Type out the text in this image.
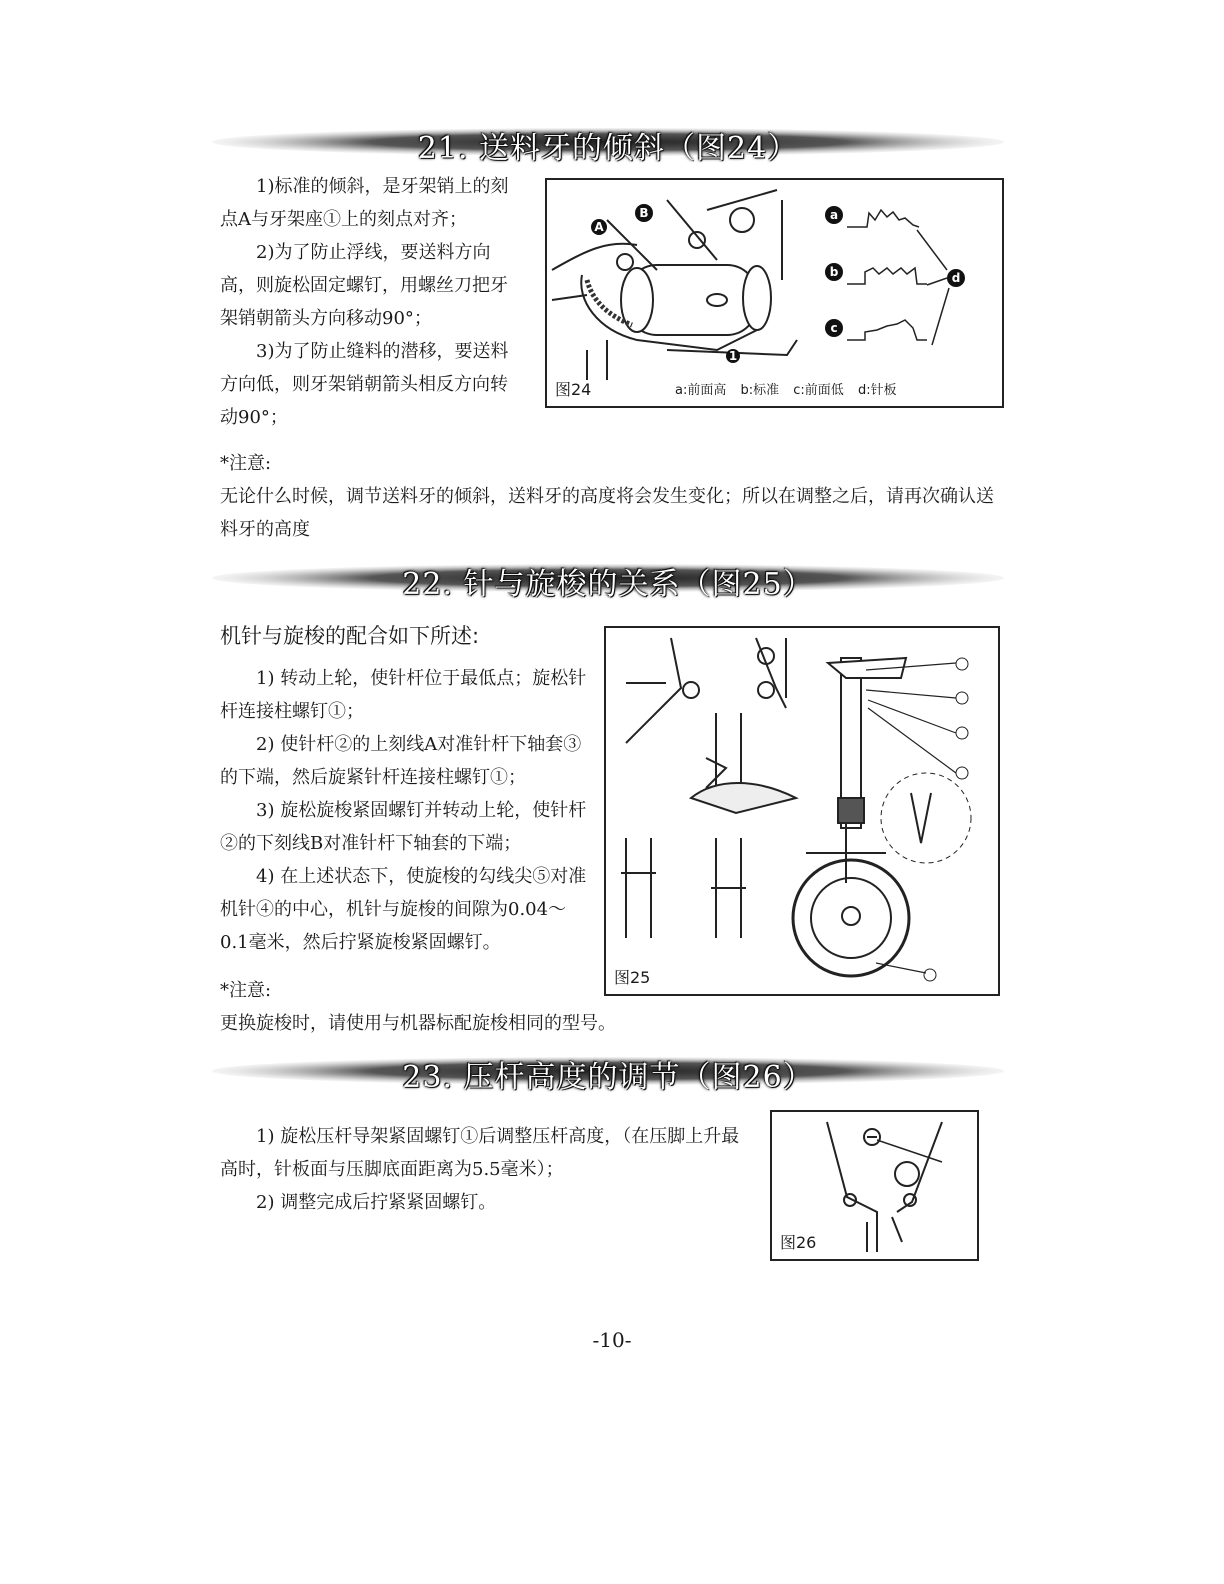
21. 送料牙的倾斜（图24）

1)标准的倾斜，是牙架销上的刻点A与牙架座①上的刻点对齐；

2)为了防止浮线，要送料方向高，则旋松固定螺钉，用螺丝刀把牙架销朝箭头方向移动90°；

3)为了防止缝料的潜移，要送料方向低，则牙架销朝箭头相反方向转动90°；

*注意:

无论什么时候，调节送料牙的倾斜，送料牙的高度将会发生变化；所以在调整之后，请再次确认送料牙的高度

A
B
1
a
b
c
d
图24	a:前面高 b:标准 c:前面低 d:针板
22. 针与旋梭的关系（图25）
机针与旋梭的配合如下所述:

1) 转动上轮，使针杆位于最低点；旋松针杆连接柱螺钉①；

2) 使针杆②的上刻线A对准针杆下轴套③的下端，然后旋紧针杆连接柱螺钉①；

3) 旋松旋梭紧固螺钉并转动上轮，使针杆②的下刻线B对准针杆下轴套的下端；

4) 在上述状态下，使旋梭的勾线尖⑤对准机针④的中心，机针与旋梭的间隙为0.04～0.1毫米，然后拧紧旋梭紧固螺钉。

*注意:

更换旋梭时，请使用与机器标配旋梭相同的型号。

图25
23. 压杆高度的调节（图26）

1) 旋松压杆导架紧固螺钉①后调整压杆高度，（在压脚上升最高时，针板面与压脚底面距离为5.5毫米）；

2) 调整完成后拧紧紧固螺钉。

图26
-10-
